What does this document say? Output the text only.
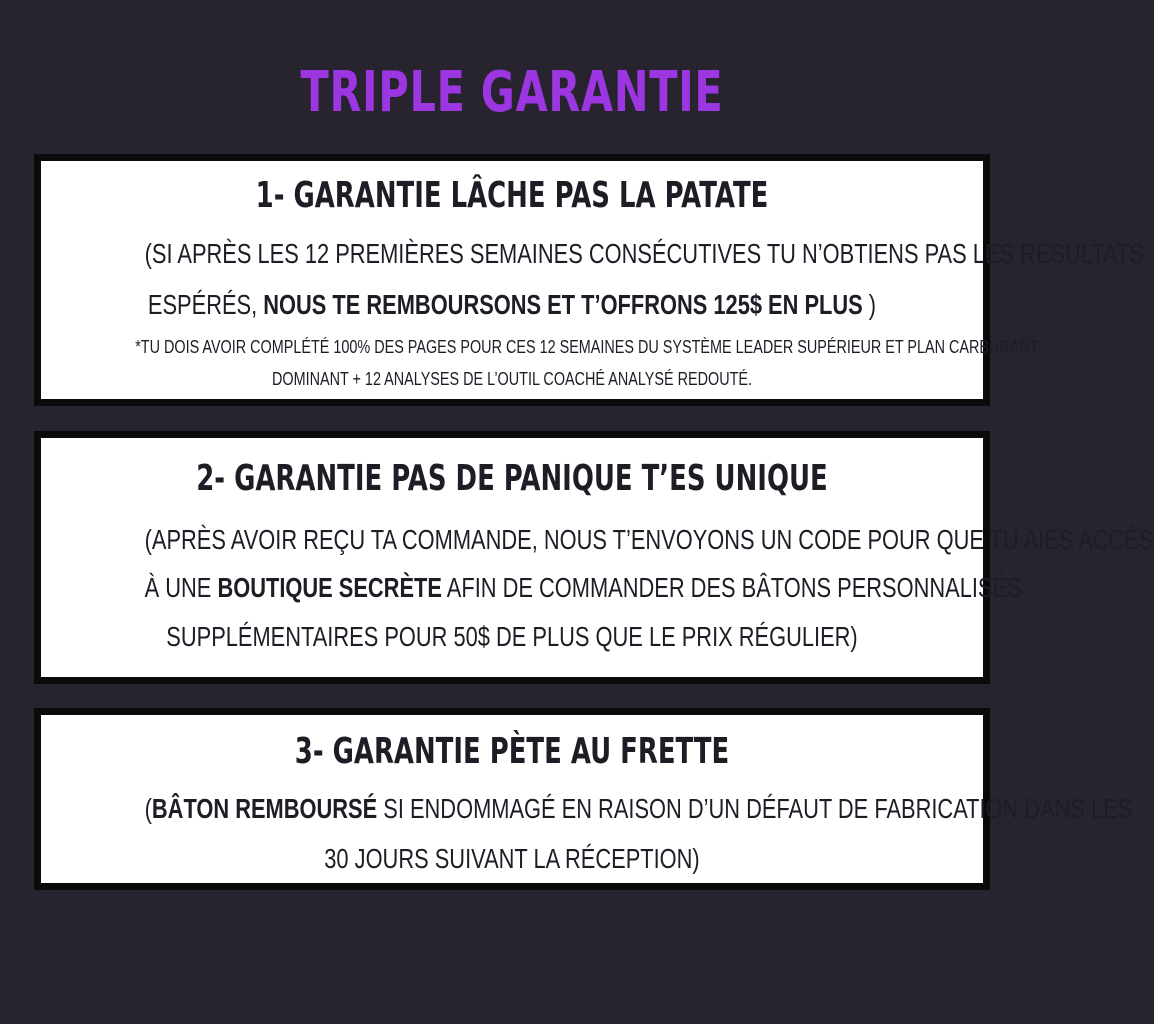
TRIPLE GARANTIE
1- GARANTIE LÂCHE PAS LA PATATE
(SI APRÈS LES 12 PREMIÈRES SEMAINES CONSÉCUTIVES TU N’OBTIENS PAS LES RÉSULTATS
ESPÉRÉS, NOUS TE REMBOURSONS ET T’OFFRONS 125$ EN PLUS )
*TU DOIS AVOIR COMPLÉTÉ 100% DES PAGES POUR CES 12 SEMAINES DU SYSTÈME LEADER SUPÉRIEUR ET PLAN CARBURANT
DOMINANT + 12 ANALYSES DE L’OUTIL COACHÉ ANALYSÉ REDOUTÉ.
2- GARANTIE PAS DE PANIQUE T’ES UNIQUE
(APRÈS AVOIR REÇU TA COMMANDE, NOUS T’ENVOYONS UN CODE POUR QUE TU AIES ACCÈS
À UNE BOUTIQUE SECRÈTE AFIN DE COMMANDER DES BÂTONS PERSONNALISÉS
SUPPLÉMENTAIRES POUR 50$ DE PLUS QUE LE PRIX RÉGULIER)
3- GARANTIE PÈTE AU FRETTE
(BÂTON REMBOURSÉ SI ENDOMMAGÉ EN RAISON D’UN DÉFAUT DE FABRICATION DANS LES
30 JOURS SUIVANT LA RÉCEPTION)
